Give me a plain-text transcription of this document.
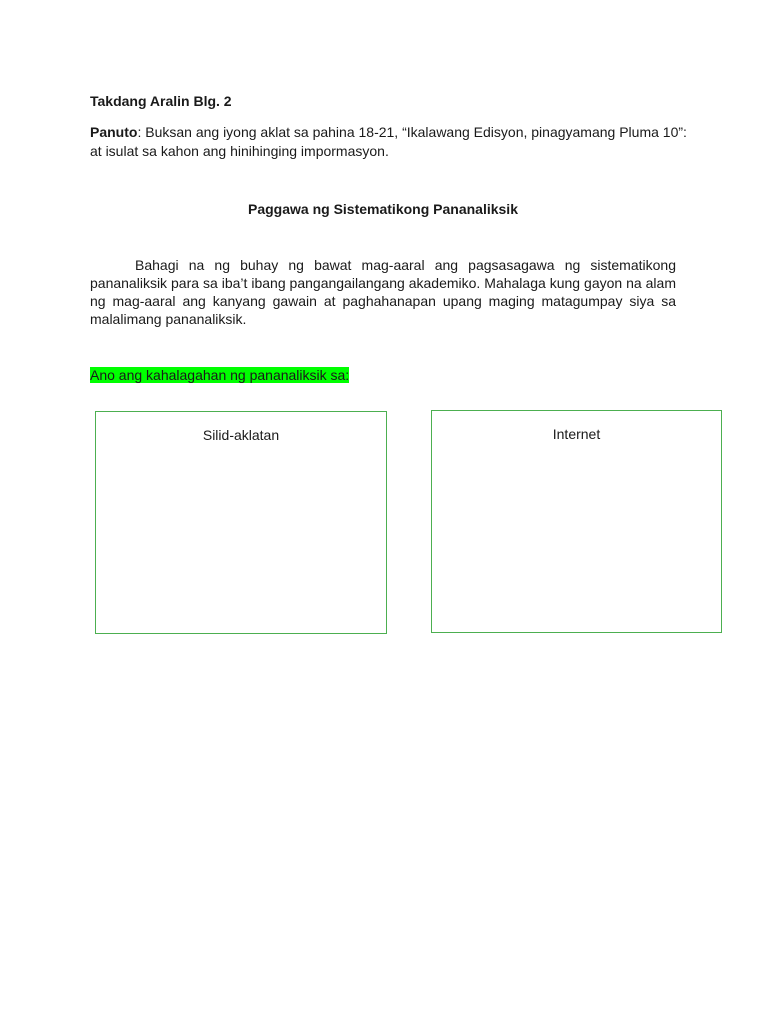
Takdang Aralin Blg. 2

Panuto: Buksan ang iyong aklat sa pahina 18-21, “Ikalawang Edisyon, pinagyamang Pluma 10”: at isulat sa kahon ang hinihinging impormasyon.

Paggawa ng Sistematikong Pananaliksik

Bahagi na ng buhay ng bawat mag-aaral ang pagsasagawa ng sistematikong pananaliksik para sa iba’t ibang pangangailangang akademiko. Mahalaga kung gayon na alam ng mag-aaral ang kanyang gawain at paghahanapan upang maging matagumpay siya sa malalimang pananaliksik.

Ano ang kahalagahan ng pananaliksik sa:

Silid-aklatan	Internet
